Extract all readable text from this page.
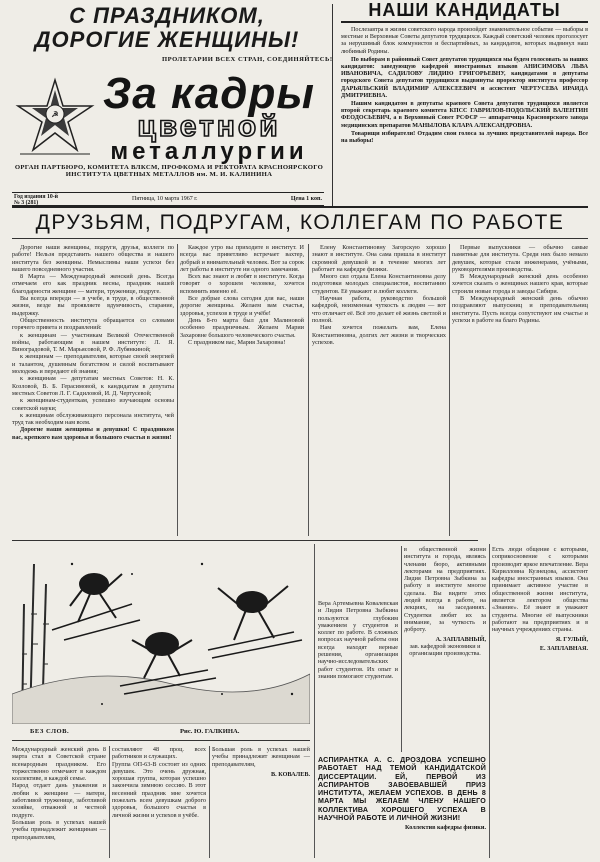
С ПРАЗДНИКОМ,
ДОРОГИЕ ЖЕНЩИНЫ!
ПРОЛЕТАРИИ ВСЕХ СТРАН, СОЕДИНЯЙТЕСЬ!
☭ За кадры
цветной
металлургии
ОРГАН ПАРТБЮРО, КОМИТЕТА ВЛКСМ, ПРОФКОМА И РЕКТОРАТА КРАСНОЯРСКОГО ИНСТИТУТА ЦВЕТНЫХ МЕТАЛЛОВ им. М. И. КАЛИНИНА
Год издания 10-й
№ 3 (281)
Пятница, 10 марта 1967 г.	Цена 1 коп.
НАШИ КАНДИДАТЫ

Послезавтра в жизни советского народа произойдет знаменательное событие — выборы в местные и Верховные Советы депутатов трудящихся. Каждый советский человек проголосует за нерушимый блок коммунистов и беспартийных, за кандидатов, которых выдвинул наш любимый Родины.

По выборам в районный Совет депутатов трудящихся мы будем голосовать за наших кандидатов: заведующую кафедрой иностранных языков АНИСИМОВА ЛЬВА ИВАНОВИЧА, САДИЛОВУ ЛИДИЮ ГРИГОРЬЕВНУ, кандидатами в депутаты городского Совета депутатов трудящихся выдвинуты проректор института профессор ДАРЬЯЛЬСКИЙ ВЛАДИМИР АЛЕКСЕЕВИЧ и ассистент ЧЕРТУСЕВА ИРАИДА ДМИТРИЕВНА.

Нашим кандидатом в депутаты краевого Совета депутатов трудящихся является второй секретарь краевого комитета КПСС ГАВРИЛОВ-ПОДОЛЬСКИЙ ВАЛЕНТИН ФЕОДОСЬЕВИЧ, а в Верховный Совет РСФСР — аппаратчица Красноярского завода медицинских препаратов МАНЫЛОВА КЛАРА АЛЕКСАНДРОВНА.

Товарищи избиратели! Отдадим свои голоса за лучших представителей народа. Все на выборы!

ДРУЗЬЯМ, ПОДРУГАМ, КОЛЛЕГАМ ПО РАБОТЕ

Дорогие наши женщины, подруги, друзья, коллеги по работе! Нельзя представить нашего общества и нашего института без женщины. Немыслимы наши успехи без вашего повседневного участия.

8 Марта — Международный женский день. Всегда отмечаем его как праздник весны, праздник нашей благодарности женщине — матери, труженице, подруге.

Вы всегда впереди — в учебе, в труде, в общественной жизни, везде вы проявляете вдумчивость, старание, выдержку.

Общественность института обращается со словами горячего привета и поздравлений:

к женщинам — участникам Великой Отечественной войны, работающим в нашем институте: Л. Я. Виноградовой, Т. М. Марьясовой, Р. Ф. Лубянкиной;

к женщинам — преподавателям, которые своей энергией и талантом, душевным богатством и силой воспитывают молодежь и передают ей знания;

к женщинам — депутатам местных Советов: Н. К. Козловой, В. Б. Герасимовой, к кандидатам в депутаты местных Советов Л. Г. Садиловой, И. Д. Чертусевой;

к женщинам-студенткам, успешно изучающим основы советской науки;

к женщинам обслуживающего персонала института, чей труд так необходим нам всем.

Дорогие наши женщины и девушки! С праздником вас, крепкого вам здоровья и большого счастья в жизни!

Каждое утро вы приходите в институт. И всегда вас приветливо встречает вахтер, добрый и внимательный человек. Вот за сорок лет работы в институте ни одного замечания.

Всех вас знают и любят в институте. Когда говорят о хорошем человеке, хочется вспомнить именно её.

Все добрые слова сегодня для вас, наши дорогие женщины. Желаем вам счастья, здоровья, успехов в труде и учёбе!

День 8-го марта был для Малиновой особенно праздничным. Желаем Марии Захаровне большого человеческого счастья.

С праздником вас, Мария Захаровна!

Елену Константиновну Загорскую хорошо знают в институте. Она сама пришла в институт скромной девушкой и в течение многих лет работает на кафедре физики.

Много сил отдала Елена Константиновна делу подготовки молодых специалистов, воспитанию студентов. Её уважают и любят коллеги.

Научная работа, руководство большой кафедрой, неизменная чуткость к людям — вот что отличает её. Всё это делает её жизнь светлой и полной.

Нам хочется пожелать вам, Елена Константиновна, долгих лет жизни и творческих успехов.

Первые выпускники — обычно самые памятные для института. Среди них было немало девушек, которые стали инженерами, учёными, руководителями производства.

В Международный женский день особенно хочется сказать о женщинах нашего края, которые строили новые города и заводы Сибири.

В Международный женский день обычно поздравляют выпускниц и преподавательниц института. Пусть всегда сопутствуют им счастье и успехи в работе на благо Родины.

БЕЗ СЛОВ.	Рис. Ю. ГАЛКИНА.

Международный женский день 8 марта стал в Советской стране всенародным праздником. Его торжественно отмечают в каждом коллективе, в каждой семье.

Народ отдает дань уважения и любви к женщине — матери, заботливой труженице, заботливой хозяйке, отважной и честной подруге.

Большая роль в успехах нашей учебы принадлежит женщинам — преподавателям,

составляют 48 проц. всех работников и служащих.

Группа ОП-63-В состоит из одних девушек. Это очень дружная, хорошая группа, которая успешно закончила зимнюю сессию. В этот весенний праздник мне хочется пожелать всем девушкам доброго здоровья, большого счастья в личной жизни и успехов в учёбе.

Большая роль в успехах нашей учебы принадлежит женщинам — преподавателям,

В. КОВАЛЕВ.

Вера Артемьевна Ковалевская и Лидия Петровна Зыбкина пользуются глубоким уважением у студентов и коллег по работе. В сложных вопросах научной работы они всегда находят верные решения, организация научно-исследовательских работ студентов. Их опыт и знания помогают студентам.

в общественной жизни института и города, являясь членами бюро, активными лекторами на предприятиях. Лидия Петровна Зыбкина за работу в институте многое сделала. Вы видите этих людей всегда в работе, на лекциях, на заседаниях. Студентки любят их за внимание, за чуткость и доброту.

А. ЗАПЛАВНЫЙ,
зав. кафедрой экономики и организации производства.
АСПИРАНТКА А. С. ДРОЗДОВА УСПЕШНО РАБОТАЕТ НАД ТЕМОЙ КАНДИДАТСКОЙ ДИССЕРТАЦИИ. ЕЙ, ПЕРВОЙ ИЗ АСПИРАНТОВ ЗАВОЕВАВШЕЙ ПРИЗ ИНСТИТУТА, ЖЕЛАЕМ УСПЕХОВ. В ДЕНЬ 8 МАРТА МЫ ЖЕЛАЕМ ЧЛЕНУ НАШЕГО КОЛЛЕКТИВА ХОРОШЕГО УСПЕХА В НАУЧНОЙ РАБОТЕ И ЛИЧНОЙ ЖИЗНИ!
Коллектив кафедры физики.

Есть люди общение с которыми, соприкосновение с которыми производят яркое впечатление. Вера Кирилловна Кузнецова, ассистент кафедры иностранных языков. Она принимает активное участие в общественной жизни института, является лектором общества «Знание». Её знают и уважают студенты. Многие её выпускники работают на предприятиях и в научных учреждениях страны.

Я. ГУЛЫЙ,
Е. ЗАПЛАВНАЯ.
